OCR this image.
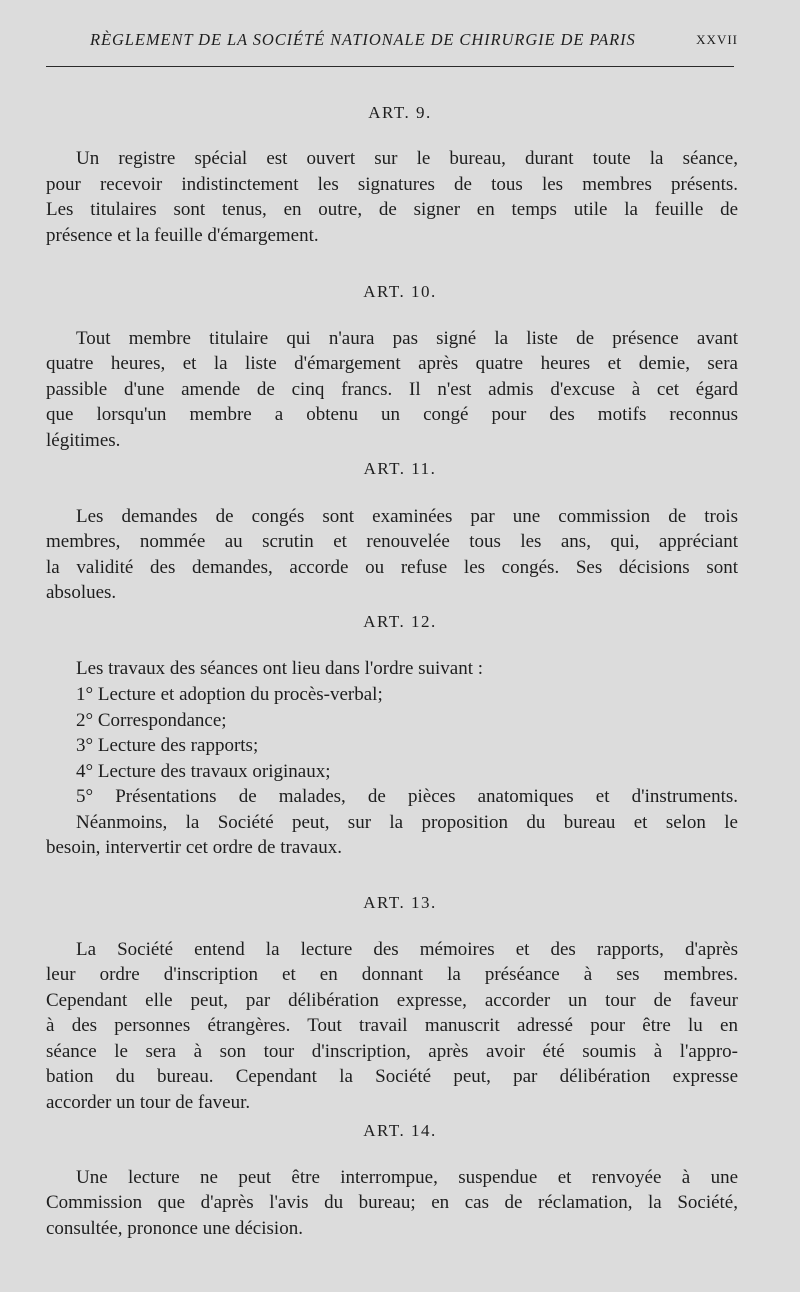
RÈGLEMENT DE LA SOCIÉTÉ NATIONALE DE CHIRURGIE DE PARIS	XXVII
ART. 9.
Un registre spécial est ouvert sur le bureau, durant toute la séance,
pour recevoir indistinctement les signatures de tous les membres présents.
Les titulaires sont tenus, en outre, de signer en temps utile la feuille de
présence et la feuille d'émargement.
ART. 10.
Tout membre titulaire qui n'aura pas signé la liste de présence avant
quatre heures, et la liste d'émargement après quatre heures et demie, sera
passible d'une amende de cinq francs. Il n'est admis d'excuse à cet égard
que lorsqu'un membre a obtenu un congé pour des motifs reconnus
légitimes.
ART. 11.
Les demandes de congés sont examinées par une commission de trois
membres, nommée au scrutin et renouvelée tous les ans, qui, appréciant
la validité des demandes, accorde ou refuse les congés. Ses décisions sont
absolues.
ART. 12.
Les travaux des séances ont lieu dans l'ordre suivant :
1° Lecture et adoption du procès-verbal;
2° Correspondance;
3° Lecture des rapports;
4° Lecture des travaux originaux;
5° Présentations de malades, de pièces anatomiques et d'instruments.
Néanmoins, la Société peut, sur la proposition du bureau et selon le
besoin, intervertir cet ordre de travaux.
ART. 13.
La Société entend la lecture des mémoires et des rapports, d'après
leur ordre d'inscription et en donnant la préséance à ses membres.
Cependant elle peut, par délibération expresse, accorder un tour de faveur
à des personnes étrangères. Tout travail manuscrit adressé pour être lu en
séance le sera à son tour d'inscription, après avoir été soumis à l'appro-
bation du bureau. Cependant la Société peut, par délibération expresse
accorder un tour de faveur.
ART. 14.
Une lecture ne peut être interrompue, suspendue et renvoyée à une
Commission que d'après l'avis du bureau; en cas de réclamation, la Société,
consultée, prononce une décision.
